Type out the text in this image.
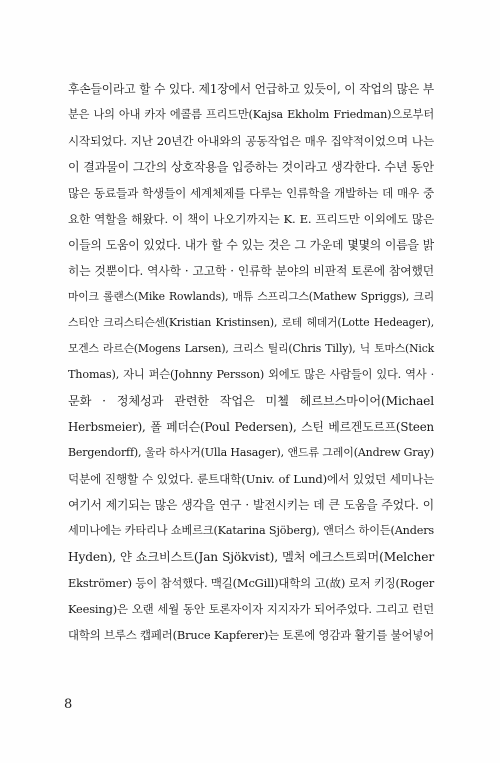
후손들이라고 할 수 있다. 제1장에서 언급하고 있듯이, 이 작업의 많은 부
분은 나의 아내 카자 에콜름 프리드만(Kajsa Ekholm Friedman)으로부터
시작되었다. 지난 20년간 아내와의 공동작업은 매우 집약적이었으며 나는
이 결과물이 그간의 상호작용을 입증하는 것이라고 생각한다. 수년 동안
많은 동료들과 학생들이 세계체제를 다루는 인류학을 개발하는 데 매우 중
요한 역할을 해왔다. 이 책이 나오기까지는 K. E. 프리드만 이외에도 많은
이들의 도움이 있었다. 내가 할 수 있는 것은 그 가운데 몇몇의 이름을 밝
히는 것뿐이다. 역사학 · 고고학 · 인류학 분야의 비판적 토론에 참여했던
마이크 롤랜스(Mike Rowlands), 매튜 스프리그스(Mathew Spriggs), 크리
스티안 크리스티슨센(Kristian Kristinsen), 로테 헤데거(Lotte Hedeager),
모겐스 라르슨(Mogens Larsen), 크리스 틸리(Chris Tilly), 닉 토마스(Nick
Thomas), 자니 퍼슨(Johnny Persson) 외에도 많은 사람들이 있다. 역사 ·
문화 · 정체성과 관련한 작업은 미첼 헤르브스마이어(Michael
Herbsmeier), 폴 페더슨(Poul Pedersen), 스틴 베르겐도르프(Steen
Bergendorff), 울라 하사거(Ulla Hasager), 앤드류 그레이(Andrew Gray)
덕분에 진행할 수 있었다. 룬트대학(Univ. of Lund)에서 있었던 세미나는
여기서 제기되는 많은 생각을 연구 · 발전시키는 데 큰 도움을 주었다. 이
세미나에는 카타리나 쇼베르크(Katarina Sjöberg), 앤더스 하이든(Anders
Hyden), 얀 쇼크비스트(Jan Sjökvist), 멜처 에크스트뢰머(Melcher
Ekströmer) 등이 참석했다. 맥길(McGill)대학의 고(故) 로저 키징(Roger
Keesing)은 오랜 세월 동안 토론자이자 지지자가 되어주었다. 그리고 런던
대학의 브루스 캡페러(Bruce Kapferer)는 토론에 영감과 활기를 불어넣어
8
